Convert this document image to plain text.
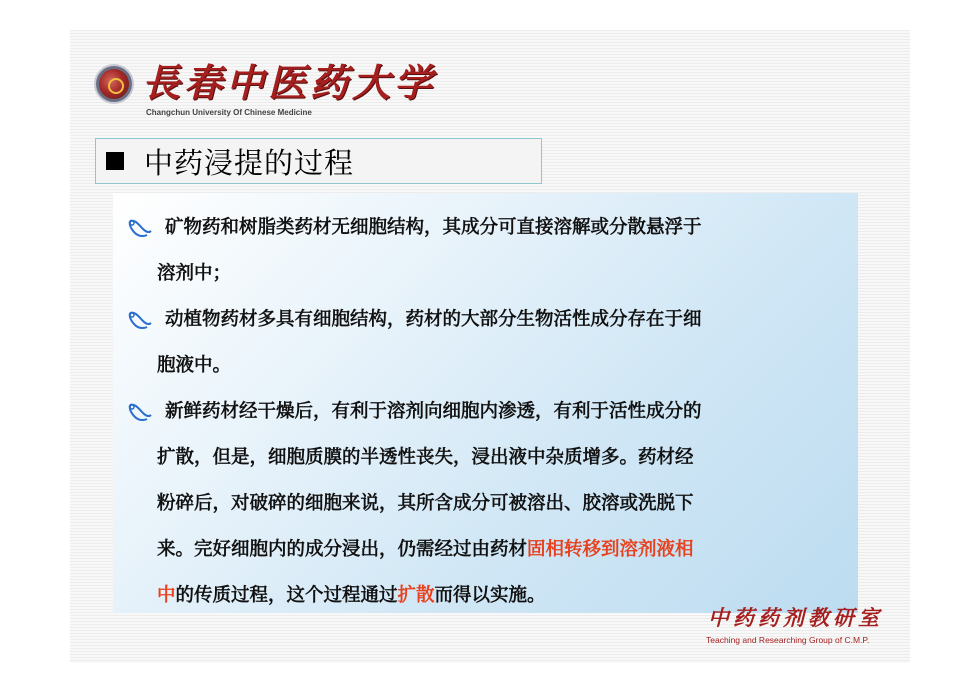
長春中医药大学
Changchun University Of Chinese Medicine
中药浸提的过程
矿物药和树脂类药材无细胞结构，其成分可直接溶解或分散悬浮于
溶剂中；
动植物药材多具有细胞结构，药材的大部分生物活性成分存在于细
胞液中。
新鲜药材经干燥后，有利于溶剂向细胞内渗透，有利于活性成分的
扩散，但是，细胞质膜的半透性丧失，浸出液中杂质增多。药材经
粉碎后，对破碎的细胞来说，其所含成分可被溶出、胶溶或洗脱下
来。完好细胞内的成分浸出，仍需经过由药材固相转移到溶剂液相
中的传质过程，这个过程通过扩散而得以实施。
中药药剂教研室
Teaching and Researching Group of C.M.P.
